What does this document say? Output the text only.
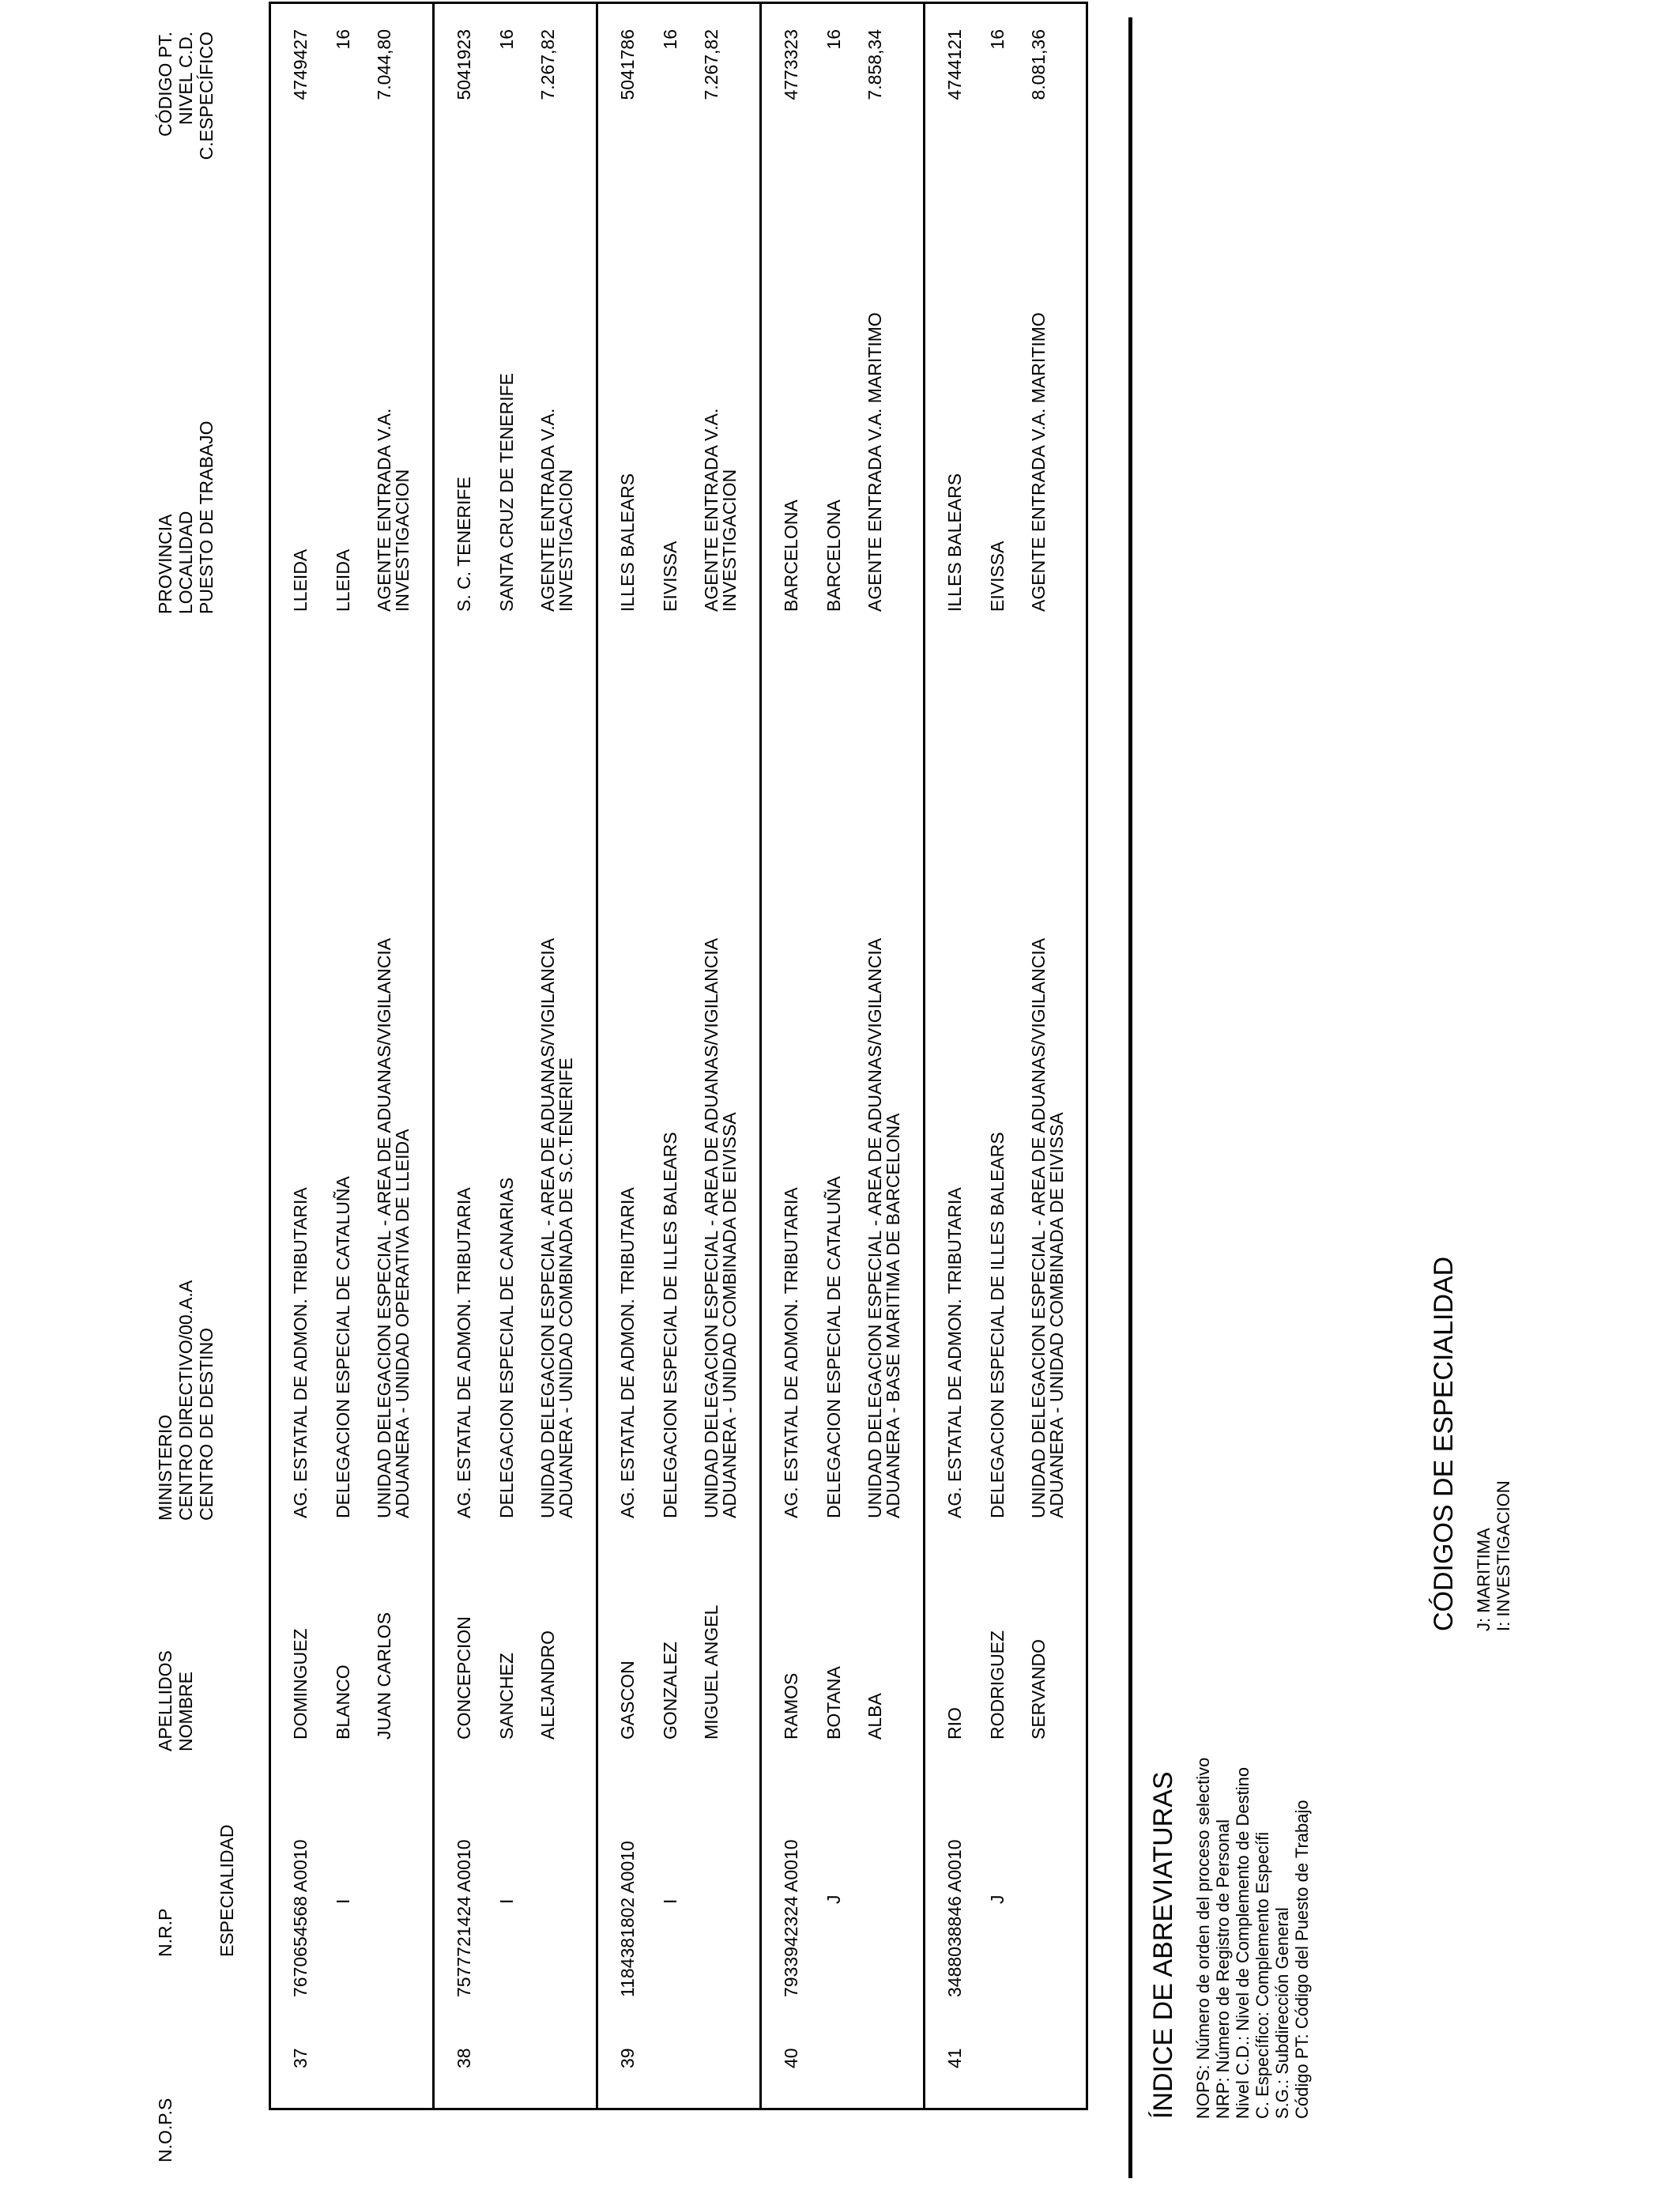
N.O.P.S
N.R.P ESPECIALIDAD
APELLIDOS NOMBRE
MINISTERIO CENTRO DIRECTIVO/00.A.A CENTRO DE DESTINO
PROVINCIA LOCALIDAD PUESTO DE TRABAJO
CÓDIGO PT. NIVEL C.D. C.ESPECÍFICO
37
7670654568 A0010 I
DOMINGUEZ BLANCO JUAN CARLOS
AG. ESTATAL DE ADMON. TRIBUTARIA DELEGACION ESPECIAL DE CATALUÑA UNIDAD DELEGACION ESPECIAL - AREA DE ADUANAS/VIGILANCIA
ADUANERA - UNIDAD OPERATIVA DE LLEIDA
LLEIDA LLEIDA AGENTE ENTRADA V.A.
INVESTIGACION
4749427 16 7.044,80
38
7577721424 A0010 I
CONCEPCION SANCHEZ ALEJANDRO
AG. ESTATAL DE ADMON. TRIBUTARIA DELEGACION ESPECIAL DE CANARIAS UNIDAD DELEGACION ESPECIAL - AREA DE ADUANAS/VIGILANCIA
ADUANERA - UNIDAD COMBINADA DE S.C.TENERIFE
S. C. TENERIFE SANTA CRUZ DE TENERIFE AGENTE ENTRADA V.A.
INVESTIGACION
5041923 16 7.267,82
39
1184381802 A0010 I
GASCON GONZALEZ MIGUEL ANGEL
AG. ESTATAL DE ADMON. TRIBUTARIA DELEGACION ESPECIAL DE ILLES BALEARS UNIDAD DELEGACION ESPECIAL - AREA DE ADUANAS/VIGILANCIA
ADUANERA - UNIDAD COMBINADA DE EIVISSA
ILLES BALEARS EIVISSA AGENTE ENTRADA V.A.
INVESTIGACION
5041786 16 7.267,82
40
7933942324 A0010 J
RAMOS BOTANA ALBA
AG. ESTATAL DE ADMON. TRIBUTARIA DELEGACION ESPECIAL DE CATALUÑA UNIDAD DELEGACION ESPECIAL - AREA DE ADUANAS/VIGILANCIA
ADUANERA - BASE MARITIMA DE BARCELONA
BARCELONA BARCELONA AGENTE ENTRADA V.A. MARITIMO
4773323 16 7.858,34
41
3488038846 A0010 J
RIO RODRIGUEZ SERVANDO
AG. ESTATAL DE ADMON. TRIBUTARIA DELEGACION ESPECIAL DE ILLES BALEARS UNIDAD DELEGACION ESPECIAL - AREA DE ADUANAS/VIGILANCIA
ADUANERA - UNIDAD COMBINADA DE EIVISSA
ILLES BALEARS EIVISSA AGENTE ENTRADA V.A. MARITIMO
4744121 16 8.081,36
ÍNDICE DE ABREVIATURAS NOPS: Número de orden del proceso selectivo NRP: Número de Registro de Personal Nivel C.D.: Nivel de Complemento de Destino C. Específico: Complemento Específi S.G.: Subdirección General Código PT: Código del Puesto de Trabajo
CÓDIGOS DE ESPECIALIDAD J: MARITIMA I: INVESTIGACION
